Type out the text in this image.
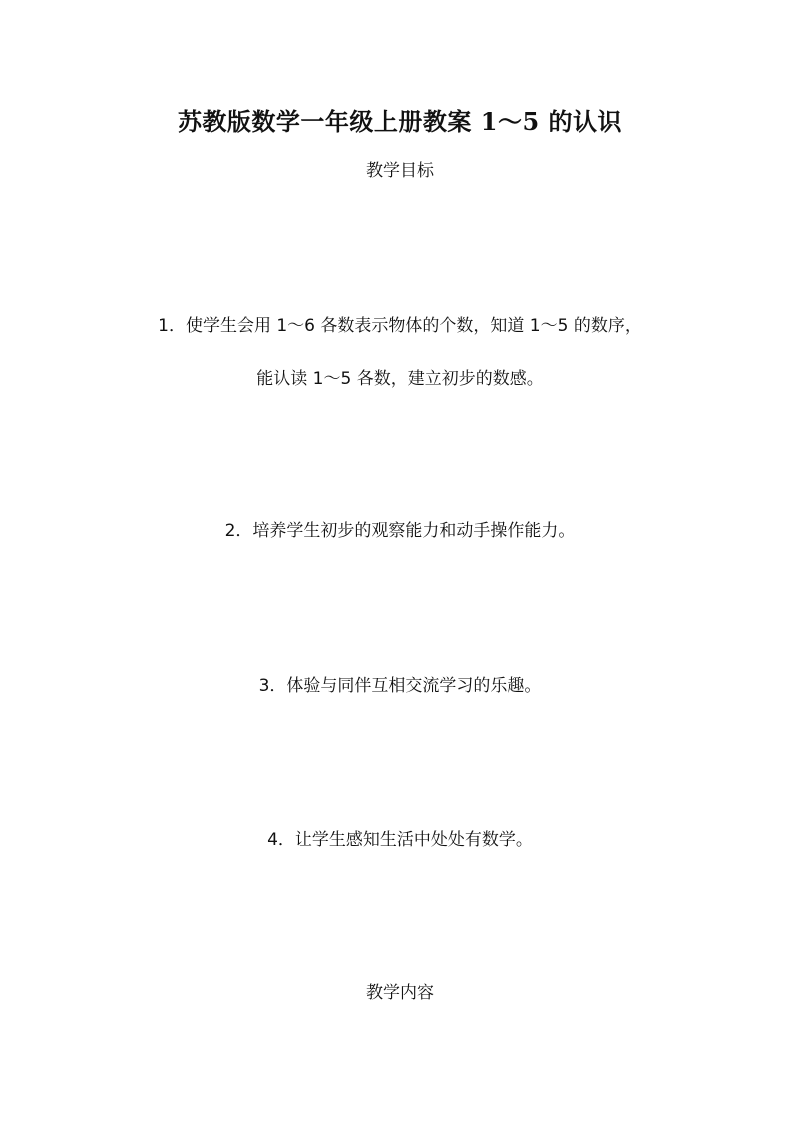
苏教版数学一年级上册教案 1～5 的认识
教学目标
1．使学生会用 1～6 各数表示物体的个数，知道 1～5 的数序，
能认读 1～5 各数，建立初步的数感。
2．培养学生初步的观察能力和动手操作能力。
3．体验与同伴互相交流学习的乐趣。
4．让学生感知生活中处处有数学。
教学内容
